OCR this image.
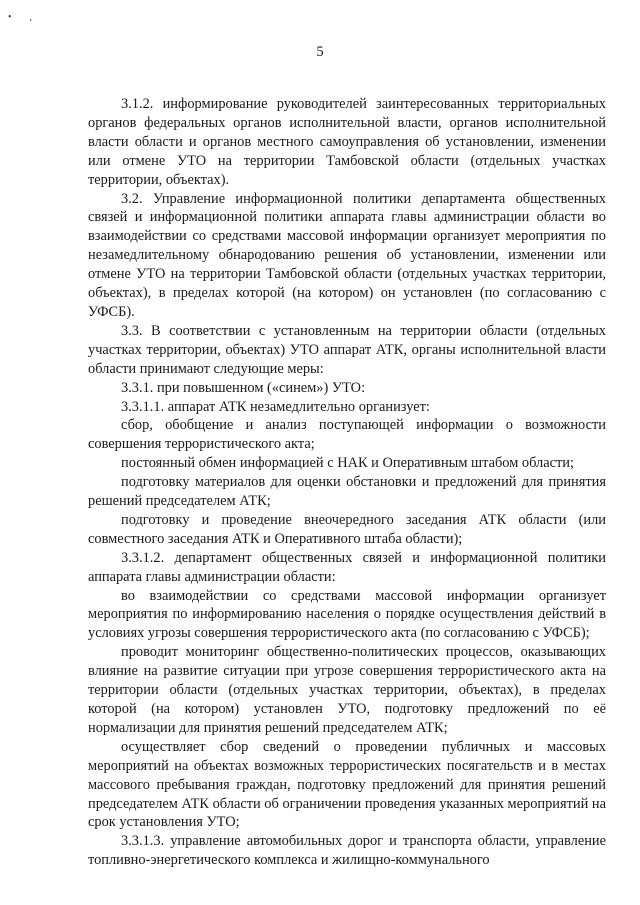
• ,
5

3.1.2. информирование руководителей заинтересованных территориальных органов федеральных органов исполнительной власти, органов исполнительной власти области и органов местного самоуправления об установлении, изменении или отмене УТО на территории Тамбовской области (отдельных участках территории, объектах).

3.2. Управление информационной политики департамента общественных связей и информационной политики аппарата главы администрации области во взаимодействии со средствами массовой информации организует мероприятия по незамедлительному обнародованию решения об установлении, изменении или отмене УТО на территории Тамбовской области (отдельных участках территории, объектах), в пределах которой (на котором) он установлен (по согласованию с УФСБ).

3.3. В соответствии с установленным на территории области (отдельных участках территории, объектах) УТО аппарат АТК, органы исполнительной власти области принимают следующие меры:

3.3.1. при повышенном («синем») УТО:

3.3.1.1. аппарат АТК незамедлительно организует:

сбор, обобщение и анализ поступающей информации о возможности совершения террористического акта;

постоянный обмен информацией с НАК и Оперативным штабом области;

подготовку материалов для оценки обстановки и предложений для принятия решений председателем АТК;

подготовку и проведение внеочередного заседания АТК области (или совместного заседания АТК и Оперативного штаба области);

3.3.1.2. департамент общественных связей и информационной политики аппарата главы администрации области:

во взаимодействии со средствами массовой информации организует мероприятия по информированию населения о порядке осуществления действий в условиях угрозы совершения террористического акта (по согласованию с УФСБ);

проводит мониторинг общественно-политических процессов, оказывающих влияние на развитие ситуации при угрозе совершения террористического акта на территории области (отдельных участках территории, объектах), в пределах которой (на котором) установлен УТО, подготовку предложений по её нормализации для принятия решений председателем АТК;

осуществляет сбор сведений о проведении публичных и массовых мероприятий на объектах возможных террористических посягательств и в местах массового пребывания граждан, подготовку предложений для принятия решений председателем АТК области об ограничении проведения указанных мероприятий на срок установления УТО;

3.3.1.3. управление автомобильных дорог и транспорта области, управление топливно-энергетического комплекса и жилищно-коммунального
